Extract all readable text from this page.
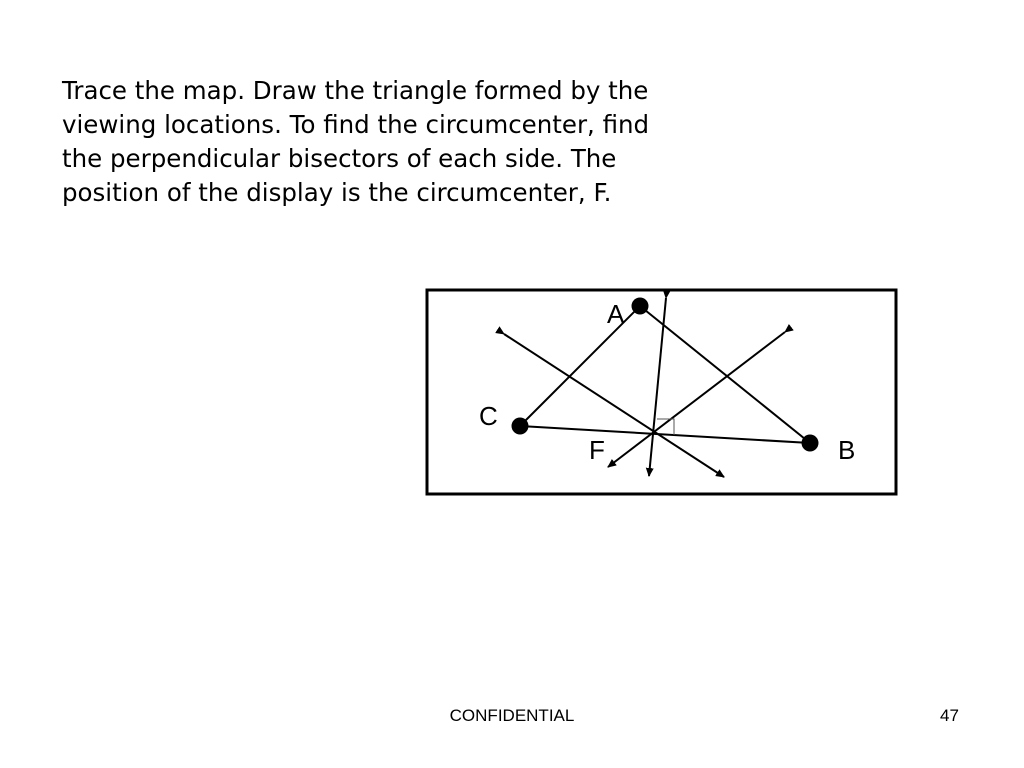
Trace the map. Draw the triangle formed by the
viewing locations. To find the circumcenter, find
the perpendicular bisectors of each side. The
position of the display is the circumcenter, F.
A
C
B
F
CONFIDENTIAL	47
